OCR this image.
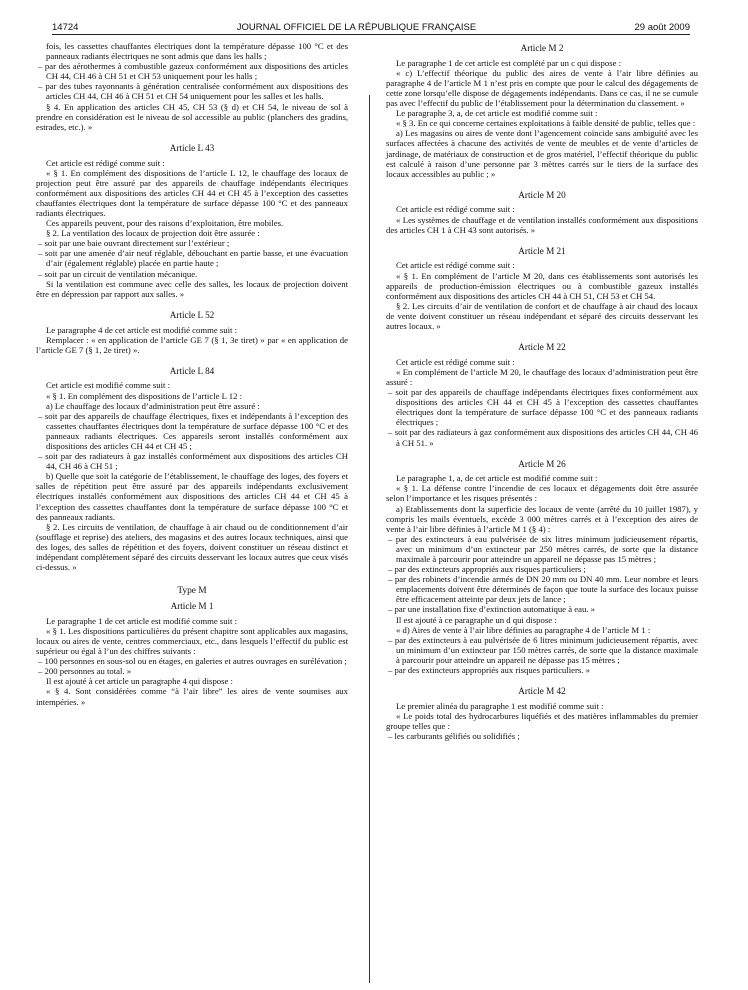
14724	JOURNAL OFFICIEL DE LA RÉPUBLIQUE FRANÇAISE	29 août 2009

fois, les cassettes chauffantes électriques dont la température dépasse 100 °C et des panneaux radiants électriques ne sont admis que dans les halls ;

– par des aérothermes à combustible gazeux conformément aux dispositions des articles CH 44, CH 46 à CH 51 et CH 53 uniquement pour les halls ;
– par des tubes rayonnants à génération centralisée conformément aux dispositions des articles CH 44, CH 46 à CH 51 et CH 54 uniquement pour les salles et les halls.

§ 4. En application des articles CH 45, CH 53 (§ d) et CH 54, le niveau de sol à prendre en considération est le niveau de sol accessible au public (planchers des gradins, estrades, etc.). »

Article L 43

Cet article est rédigé comme suit :

« § 1. En complément des dispositions de l’article L 12, le chauffage des locaux de projection peut être assuré par des appareils de chauffage indépendants électriques conformément aux dispositions des articles CH 44 et CH 45 à l’exception des cassettes chauffantes électriques dont la température de surface dépasse 100 °C et des panneaux radiants électriques.

Ces appareils peuvent, pour des raisons d’exploitation, être mobiles.

§ 2. La ventilation des locaux de projection doit être assurée :

– soit par une baie ouvrant directement sur l’extérieur ;
– soit par une amenée d’air neuf réglable, débouchant en partie basse, et une évacuation d’air (également réglable) placée en partie haute ;
– soit par un circuit de ventilation mécanique.

Si la ventilation est commune avec celle des salles, les locaux de projection doivent être en dépression par rapport aux salles. »

Article L 52

Le paragraphe 4 de cet article est modifié comme suit :

Remplacer : « en application de l’article GE 7 (§ 1, 3e tiret) » par « en application de l’article GE 7 (§ 1, 2e tiret) ».

Article L 84

Cet article est modifié comme suit :

« § 1. En complément des dispositions de l’article L 12 :

a) Le chauffage des locaux d’administration peut être assuré :

– soit par des appareils de chauffage électriques, fixes et indépendants à l’exception des cassettes chauffantes électriques dont la température de surface dépasse 100 °C et des panneaux radiants électriques. Ces appareils seront installés conformément aux dispositions des articles CH 44 et CH 45 ;
– soit par des radiateurs à gaz installés conformément aux dispositions des articles CH 44, CH 46 à CH 51 ;

b) Quelle que soit la catégorie de l’établissement, le chauffage des loges, des foyers et salles de répétition peut être assuré par des appareils indépendants exclusivement électriques installés conformément aux dispositions des articles CH 44 et CH 45 à l’exception des cassettes chauffantes dont la température de surface dépasse 100 °C et des panneaux radiants.

§ 2. Les circuits de ventilation, de chauffage à air chaud ou de conditionnement d’air (soufflage et reprise) des ateliers, des magasins et des autres locaux techniques, ainsi que des loges, des salles de répétition et des foyers, doivent constituer un réseau distinct et indépendant complètement séparé des circuits desservant les locaux autres que ceux visés ci-dessus. »

Type M
Article M 1

Le paragraphe 1 de cet article est modifié comme suit :

« § 1. Les dispositions particulières du présent chapitre sont applicables aux magasins, locaux ou aires de vente, centres commerciaux, etc., dans lesquels l’effectif du public est supérieur ou égal à l’un des chiffres suivants :

– 100 personnes en sous-sol ou en étages, en galeries et autres ouvrages en surélévation ;
– 200 personnes au total. »

Il est ajouté à cet article un paragraphe 4 qui dispose :

« § 4. Sont considérées comme “à l’air libre” les aires de vente soumises aux intempéries. »

Article M 2

Le paragraphe 1 de cet article est complété par un c qui dispose :

« c) L’effectif théorique du public des aires de vente à l’air libre définies au paragraphe 4 de l’article M 1 n’est pris en compte que pour le calcul des dégagements de cette zone lorsqu’elle dispose de dégagements indépendants. Dans ce cas, il ne se cumule pas avec l’effectif du public de l’établissement pour la détermination du classement. »

Le paragraphe 3, a, de cet article est modifié comme suit :

« § 3. En ce qui concerne certaines exploitations à faible densité de public, telles que :

a) Les magasins ou aires de vente dont l’agencement coïncide sans ambiguïté avec les surfaces affectées à chacune des activités de vente de meubles et de vente d’articles de jardinage, de matériaux de construction et de gros matériel, l’effectif théorique du public est calculé à raison d’une personne par 3 mètres carrés sur le tiers de la surface des locaux accessibles au public ; »

Article M 20

Cet article est rédigé comme suit :

« Les systèmes de chauffage et de ventilation installés conformément aux dispositions des articles CH 1 à CH 43 sont autorisés. »

Article M 21

Cet article est rédigé comme suit :

« § 1. En complément de l’article M 20, dans ces établissements sont autorisés les appareils de production-émission électriques ou à combustible gazeux installés conformément aux dispositions des articles CH 44 à CH 51, CH 53 et CH 54.

§ 2. Les circuits d’air de ventilation de confort et de chauffage à air chaud des locaux de vente doivent constituer un réseau indépendant et séparé des circuits desservant les autres locaux. »

Article M 22

Cet article est rédigé comme suit :

« En complément de l’article M 20, le chauffage des locaux d’administration peut être assuré :

– soit par des appareils de chauffage indépendants électriques fixes conformément aux dispositions des articles CH 44 et CH 45 à l’exception des cassettes chauffantes électriques dont la température de surface dépasse 100 °C et des panneaux radiants électriques ;
– soit par des radiateurs à gaz conformément aux dispositions des articles CH 44, CH 46 à CH 51. »
Article M 26

Le paragraphe 1, a, de cet article est modifié comme suit :

« § 1. La défense contre l’incendie de ces locaux et dégagements doit être assurée selon l’importance et les risques présentés :

a) Etablissements dont la superficie des locaux de vente (arrêté du 10 juillet 1987), y compris les mails éventuels, excède 3 000 mètres carrés et à l’exception des aires de vente à l’air libre définies à l’article M 1 (§ 4) :

– par des extincteurs à eau pulvérisée de six litres minimum judicieusement répartis, avec un minimum d’un extincteur par 250 mètres carrés, de sorte que la distance maximale à parcourir pour atteindre un appareil ne dépasse pas 15 mètres ;
– par des extincteurs appropriés aux risques particuliers ;
– par des robinets d’incendie armés de DN 20 mm ou DN 40 mm. Leur nombre et leurs emplacements doivent être déterminés de façon que toute la surface des locaux puisse être efficacement atteinte par deux jets de lance ;
– par une installation fixe d’extinction automatique à eau. »

Il est ajouté à ce paragraphe un d qui dispose :

« d) Aires de vente à l’air libre définies au paragraphe 4 de l’article M 1 :

– par des extincteurs à eau pulvérisée de 6 litres minimum judicieusement répartis, avec un minimum d’un extincteur par 150 mètres carrés, de sorte que la distance maximale à parcourir pour atteindre un appareil ne dépasse pas 15 mètres ;
– par des extincteurs appropriés aux risques particuliers. »
Article M 42

Le premier alinéa du paragraphe 1 est modifié comme suit :

« Le poids total des hydrocarbures liquéfiés et des matières inflammables du premier groupe telles que :

– les carburants gélifiés ou solidifiés ;
